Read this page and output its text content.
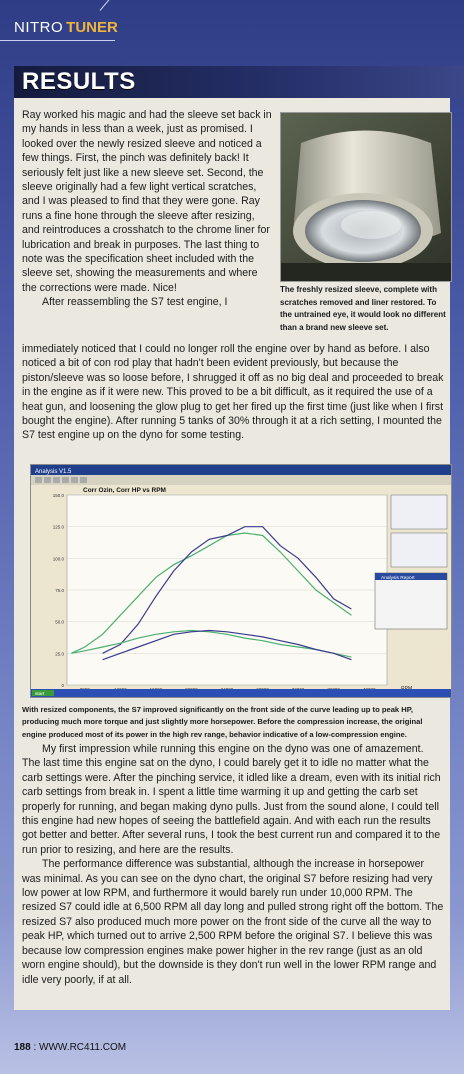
NITRO TUNER
RESULTS

Ray worked his magic and had the sleeve set back in my hands in less than a week, just as promised. I looked over the newly resized sleeve and noticed a few things. First, the pinch was definitely back! It seriously felt just like a new sleeve set. Second, the sleeve originally had a few light vertical scratches, and I was pleased to find that they were gone. Ray runs a fine hone through the sleeve after resizing, and reintroduces a crosshatch to the chrome liner for lubrication and break in purposes. The last thing to note was the specification sheet included with the sleeve set, showing the measurements and where the corrections were made. Nice!

After reassembling the S7 test engine, I

The freshly resized sleeve, complete with scratches removed and liner restored. To the untrained eye, it would look no different than a brand new sleeve set.

immediately noticed that I could no longer roll the engine over by hand as before. I also noticed a bit of con rod play that hadn't been evident previously, but because the piston/sleeve was so loose before, I shrugged it off as no big deal and proceeded to break in the engine as if it were new. This proved to be a bit difficult, as it required the use of a heat gun, and loosening the glow plug to get her fired up the first time (just like when I first bought the engine). After running 5 tanks of 30% through it at a rich setting, I mounted the S7 test engine up on the dyno for some testing.

Analysis V1.5
Corr Ozin, Corr HP vs RPM
0
25.0
50.0
75.0
100.0
125.0
150.0
Analysis Report
start
With resized components, the S7 improved significantly on the front side of the curve leading up to peak HP, producing much more torque and just slightly more horsepower. Before the compression increase, the original engine produced most of its power in the high rev range, behavior indicative of a low-compression engine.

My first impression while running this engine on the dyno was one of amazement. The last time this engine sat on the dyno, I could barely get it to idle no matter what the carb settings were. After the pinching service, it idled like a dream, even with its initial rich carb settings from break in. I spent a little time warming it up and getting the carb set properly for running, and began making dyno pulls. Just from the sound alone, I could tell this engine had new hopes of seeing the battlefield again. And with each run the results got better and better. After several runs, I took the best current run and compared it to the run prior to resizing, and here are the results.

The performance difference was substantial, although the increase in horsepower was minimal. As you can see on the dyno chart, the original S7 before resizing had very low power at low RPM, and furthermore it would barely run under 10,000 RPM. The resized S7 could idle at 6,500 RPM all day long and pulled strong right off the bottom. The resized S7 also produced much more power on the front side of the curve all the way to peak HP, which turned out to arrive 2,500 RPM before the original S7. I believe this was because low compression engines make power higher in the rev range (just as an old worn engine should), but the downside is they don't run well in the lower RPM range and idle very poorly, if at all.

188 : WWW.RC411.COM
